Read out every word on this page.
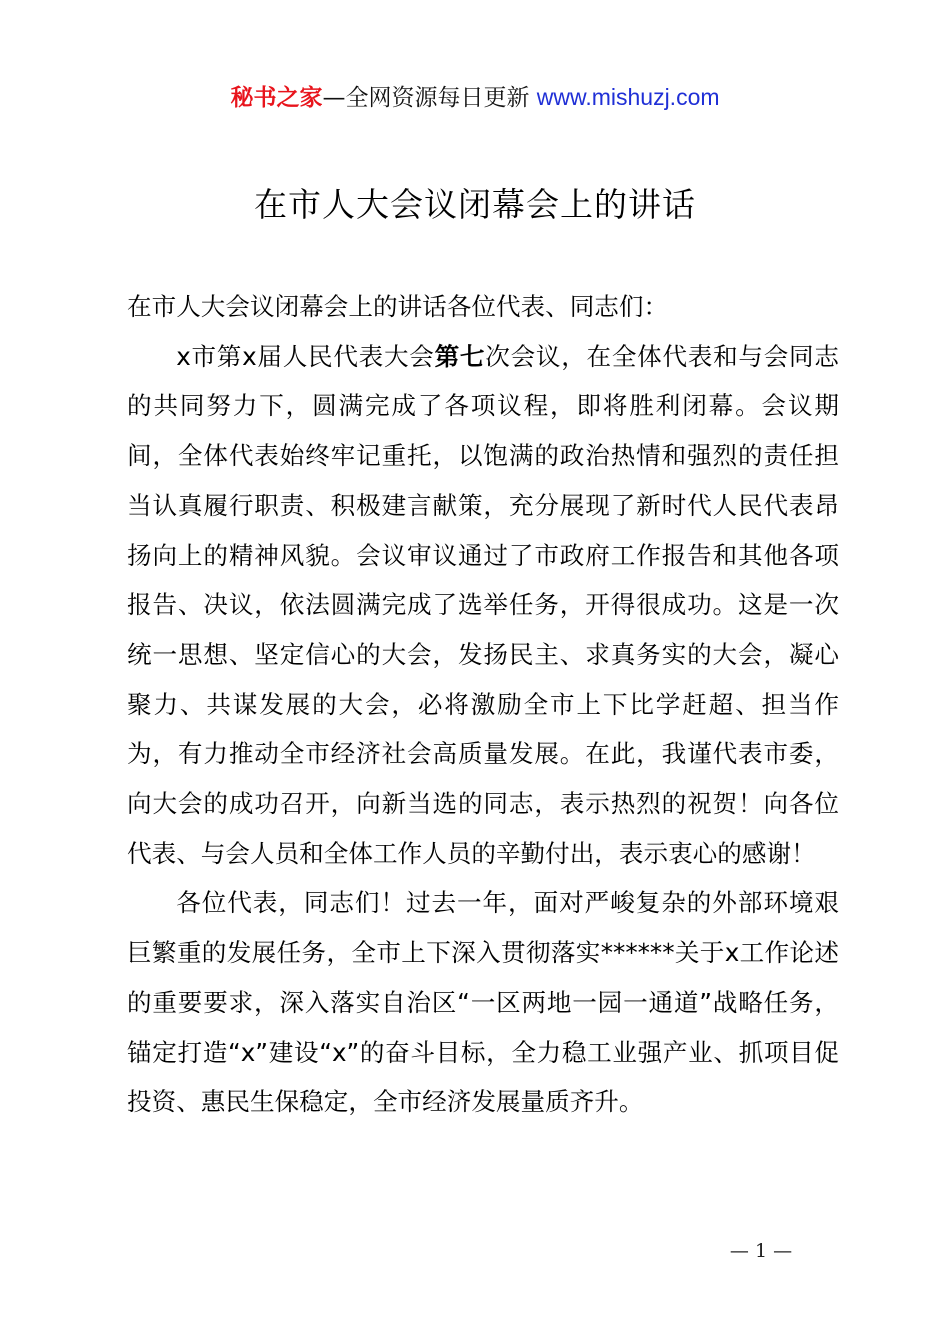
秘书之家—全网资源每日更新 www.mishuzj.com
在市人大会议闭幕会上的讲话

在市人大会议闭幕会上的讲话各位代表、同志们：

x市第x届人民代表大会第七次会议，在全体代表和与会同志的共同努力下，圆满完成了各项议程，即将胜利闭幕。会议期间，全体代表始终牢记重托，以饱满的政治热情和强烈的责任担当认真履行职责、积极建言献策，充分展现了新时代人民代表昂扬向上的精神风貌。会议审议通过了市政府工作报告和其他各项报告、决议，依法圆满完成了选举任务，开得很成功。这是一次统一思想、坚定信心的大会，发扬民主、求真务实的大会，凝心聚力、共谋发展的大会，必将激励全市上下比学赶超、担当作为，有力推动全市经济社会高质量发展。在此，我谨代表市委，向大会的成功召开，向新当选的同志，表示热烈的祝贺！向各位代表、与会人员和全体工作人员的辛勤付出，表示衷心的感谢！

各位代表，同志们！过去一年，面对严峻复杂的外部环境艰巨繁重的发展任务，全市上下深入贯彻落实******关于x工作论述的重要要求，深入落实自治区“一区两地一园一通道”战略任务，锚定打造“x”建设“x”的奋斗目标，全力稳工业强产业、抓项目促投资、惠民生保稳定，全市经济发展量质齐升。

— 1 —
